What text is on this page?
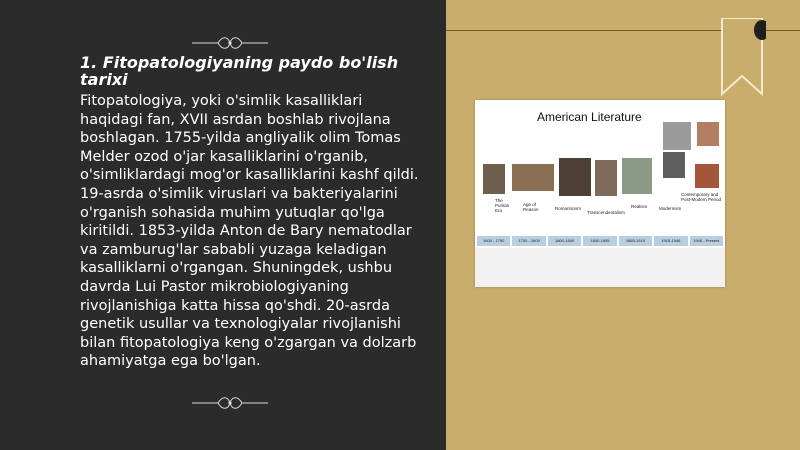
1. Fitopatologiyaning paydo bo'lish tarixi

Fitopatologiya, yoki o'simlik kasalliklari haqidagi fan, XVII asrdan boshlab rivojlana boshlagan. 1755-yilda angliyalik olim Tomas Melder ozod o'jar kasalliklarini o'rganib, o'simliklardagi mog'or kasalliklarini kashf qildi. 19-asrda o'simlik viruslari va bakteriyalarini o'rganish sohasida muhim yutuqlar qo'lga kiritildi. 1853-yilda Anton de Bary nematodlar va zamburug'lar sababli yuzaga keladigan kasalliklarni o'rgangan. Shuningdek, ushbu davrda Lui Pastor mikrobiologiyaning rivojlanishiga katta hissa qo'shdi. 20-asrda genetik usullar va texnologiyalar rivojlanishi bilan fitopatologiya keng o'zgargan va dolzarb ahamiyatga ega bo'lgan.

American Literature
The Puritan Era
Age of Reason	Romanticism
Transcendentalism
Realism	Modernism
Contemporary and Post-Modern Period
1600 - 1750	1750 - 1800	1800-1840	1840-1855	1865-1915	1915-1946	1946 - Present
